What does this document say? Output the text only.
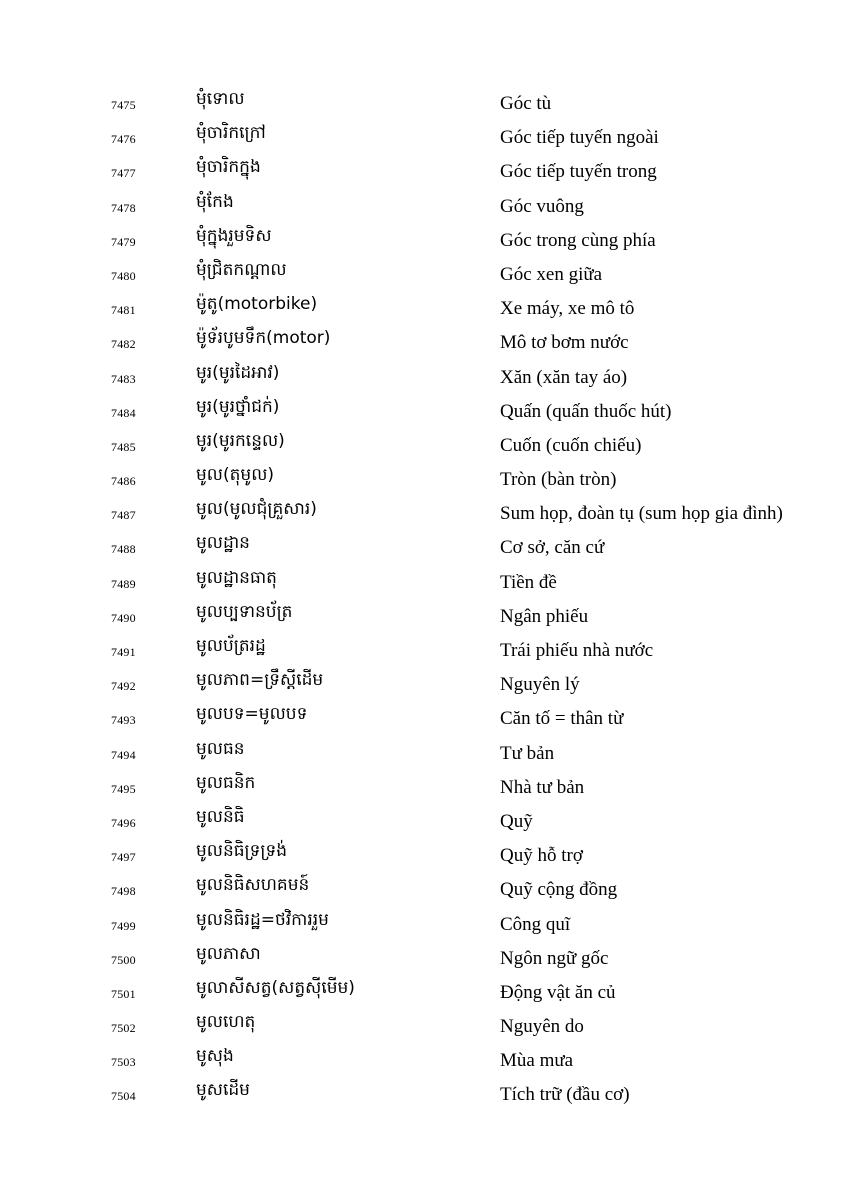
7475	មុំទោល	Góc tù
7476	មុំចារិកក្រៅ	Góc tiếp tuyến ngoài
7477	មុំចារិកក្នុង	Góc tiếp tuyến trong
7478	មុំកែង	Góc vuông
7479	មុំក្នុងរួមទិស	Góc trong cùng phía
7480	មុំជ្រិតកណ្ដាល	Góc xen giữa
7481	ម៉ូតូ(motorbike)	Xe máy, xe mô tô
7482	ម៉ូទ័របូមទឹក(motor)	Mô tơ bơm nước
7483	មូរ(មូរដៃអាវ)	Xăn (xăn tay áo)
7484	មូរ(មូរថ្នាំជក់)	Quấn (quấn thuốc hút)
7485	មូរ(មូរកន្ទេល)	Cuốn (cuốn chiếu)
7486	មូល(តុមូល)	Tròn (bàn tròn)
7487	មូល(មូលជុំគ្រួសារ)	Sum họp, đoàn tụ (sum họp gia đình)
7488	មូលដ្ឋាន	Cơ sở, căn cứ
7489	មូលដ្ឋានធាតុ	Tiền đề
7490	មូលប្បទានប័ត្រ	Ngân phiếu
7491	មូលប័ត្ររដ្ឋ	Trái phiếu nhà nước
7492	មូលភាព=ទ្រឹស្ដីដើម	Nguyên lý
7493	មូលបទ=មូលបទ	Căn tố = thân từ
7494	មូលធន	Tư bản
7495	មូលធនិក	Nhà tư bản
7496	មូលនិធិ	Quỹ
7497	មូលនិធិទ្រទ្រង់	Quỹ hỗ trợ
7498	មូលនិធិសហគមន៍	Quỹ cộng đồng
7499	មូលនិធិរដ្ឋ=ថវិការរួម	Công quĩ
7500	មូលភាសា	Ngôn ngữ gốc
7501	មូលាសីសត្វ(សត្វស៊ីមើម)	Động vật ăn củ
7502	មូលហេតុ	Nguyên do
7503	មូសុង	Mùa mưa
7504	មូសដើម	Tích trữ (đầu cơ)
